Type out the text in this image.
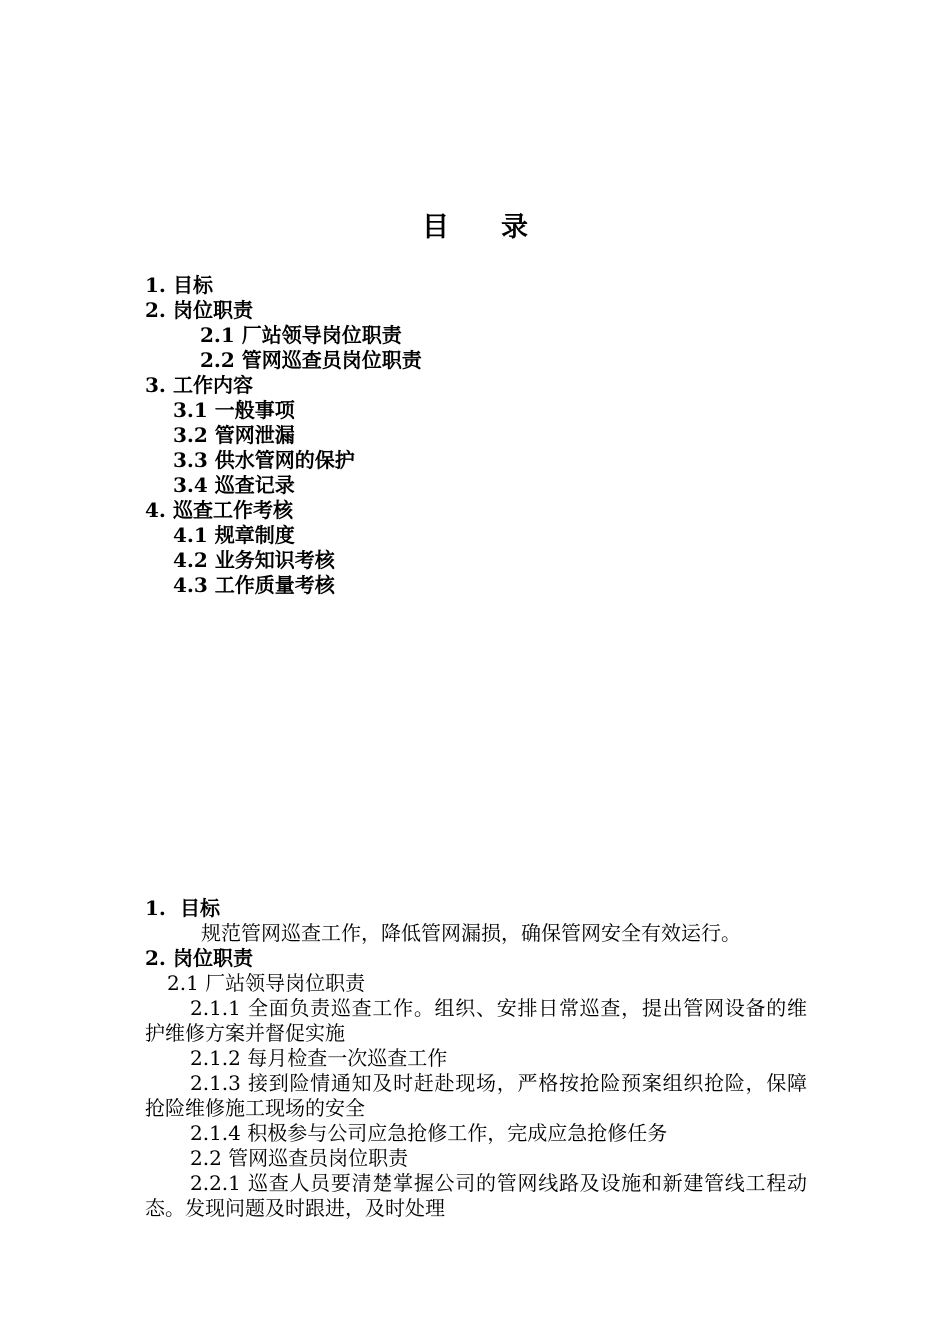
目 录
1. 目标
2. 岗位职责
2.1 厂站领导岗位职责
2.2 管网巡查员岗位职责
3. 工作内容
3.1 一般事项
3.2 管网泄漏
3.3 供水管网的保护
3.4 巡查记录
4. 巡查工作考核
4.1 规章制度
4.2 业务知识考核
4.3 工作质量考核
1. 目标
规范管网巡查工作，降低管网漏损，确保管网安全有效运行。
2. 岗位职责
2.1 厂站领导岗位职责
2.1.1 全面负责巡查工作。组织、安排日常巡查，提出管网设备的维护维修方案并督促实施
2.1.2 每月检查一次巡查工作
2.1.3 接到险情通知及时赶赴现场，严格按抢险预案组织抢险，保障抢险维修施工现场的安全
2.1.4 积极参与公司应急抢修工作，完成应急抢修任务
2.2 管网巡查员岗位职责
2.2.1 巡查人员要清楚掌握公司的管网线路及设施和新建管线工程动态。发现问题及时跟进，及时处理
